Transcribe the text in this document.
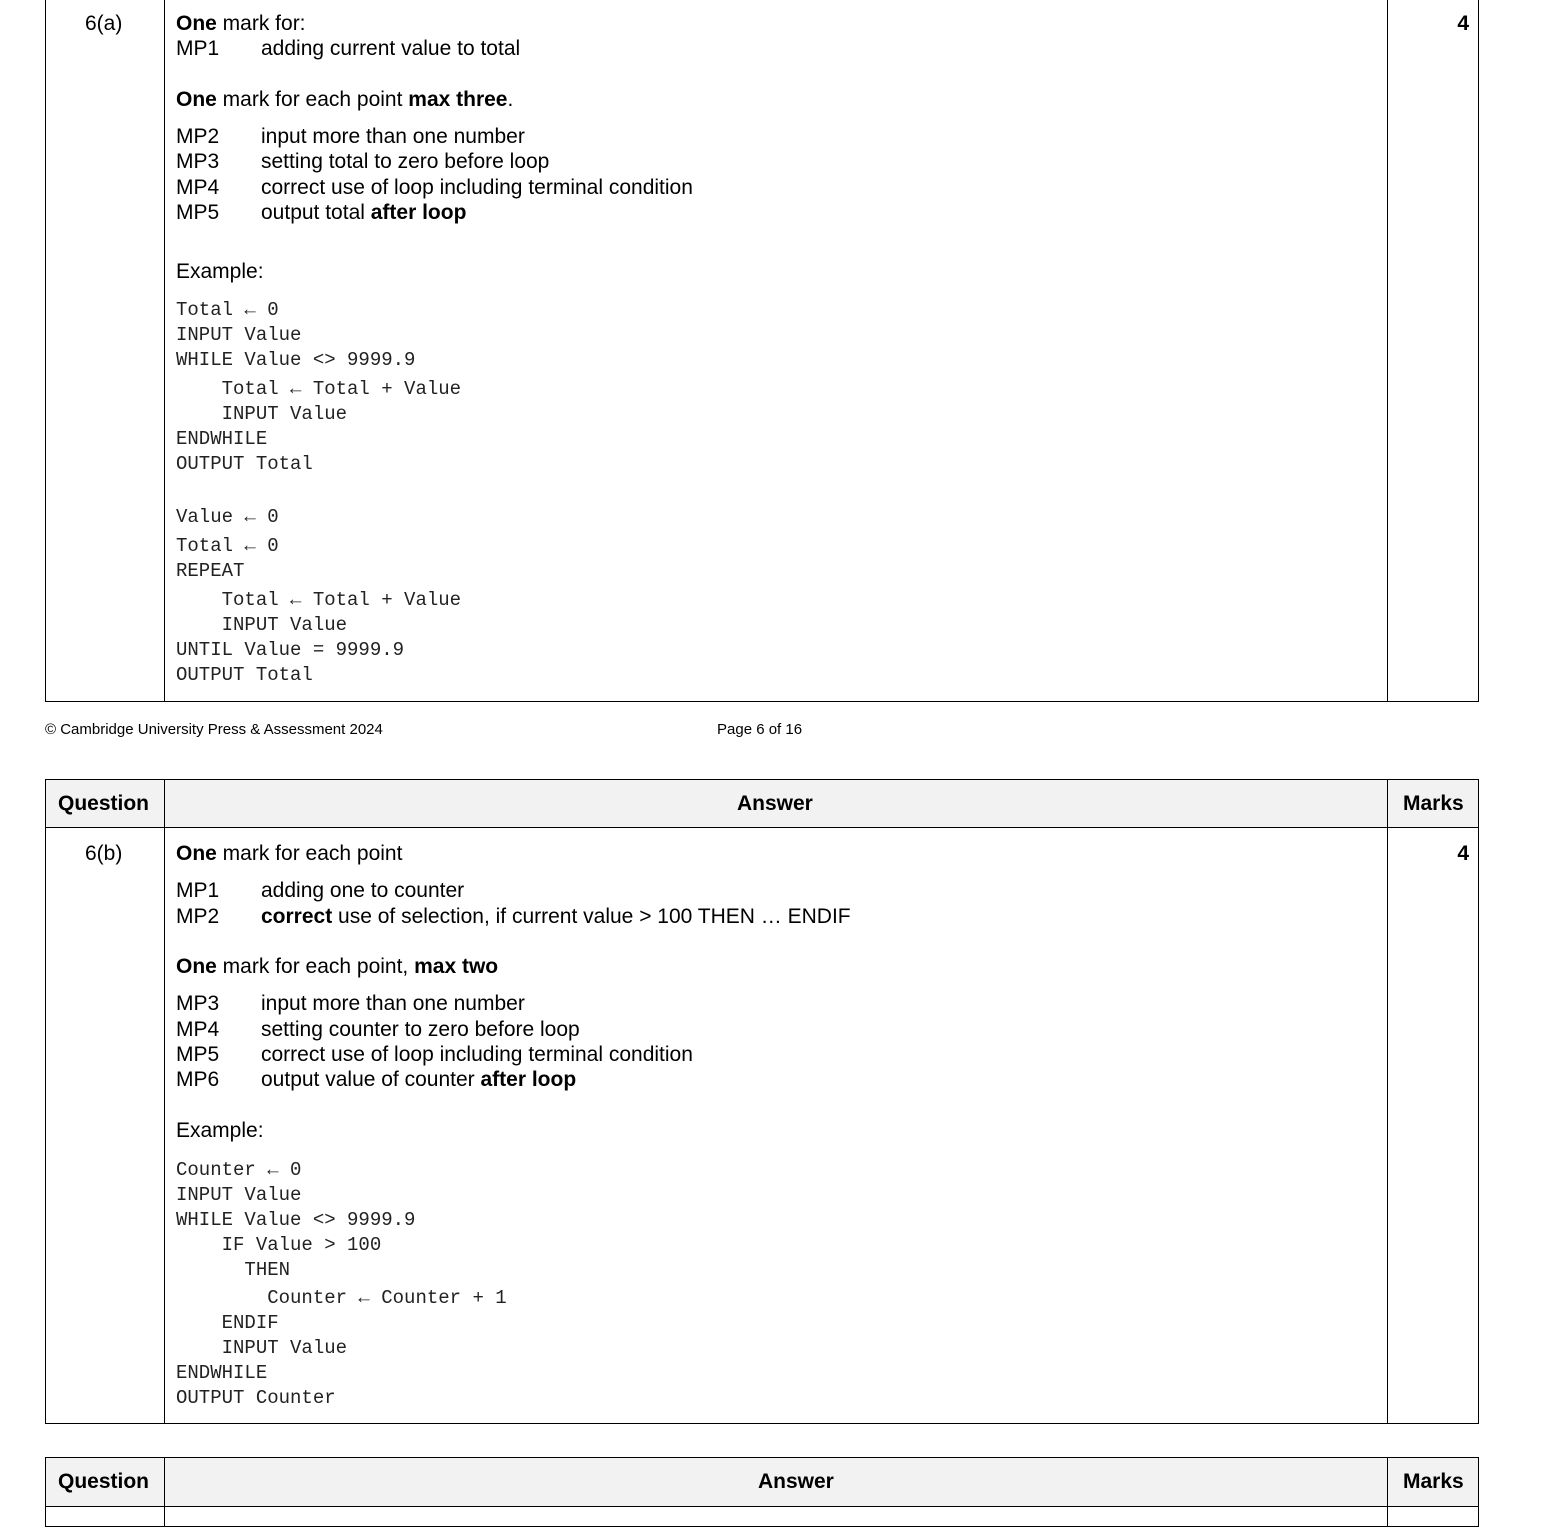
6(a)	4
One mark for:
MP1 adding current value to total
One mark for each point max three.
MP2 input more than one number
MP3 setting total to zero before loop
MP4 correct use of loop including terminal condition
MP5 output total after loop
Example:
Total ← 0
INPUT Value
WHILE Value <> 9999.9
Total ← Total + Value
INPUT Value
ENDWHILE
OUTPUT Total
Value ← 0
Total ← 0
REPEAT
Total ← Total + Value
INPUT Value
UNTIL Value = 9999.9
OUTPUT Total
© Cambridge University Press & Assessment 2024	Page 6 of 16
Question	Answer	Marks
6(b)	4
One mark for each point
MP1 adding one to counter
MP2 correct use of selection, if current value > 100 THEN … ENDIF
One mark for each point, max two
MP3 input more than one number
MP4 setting counter to zero before loop
MP5 correct use of loop including terminal condition
MP6 output value of counter after loop
Example:
Counter ← 0
INPUT Value
WHILE Value <> 9999.9
IF Value > 100
THEN
Counter ← Counter + 1
ENDIF
INPUT Value
ENDWHILE
OUTPUT Counter
Question	Answer	Marks
